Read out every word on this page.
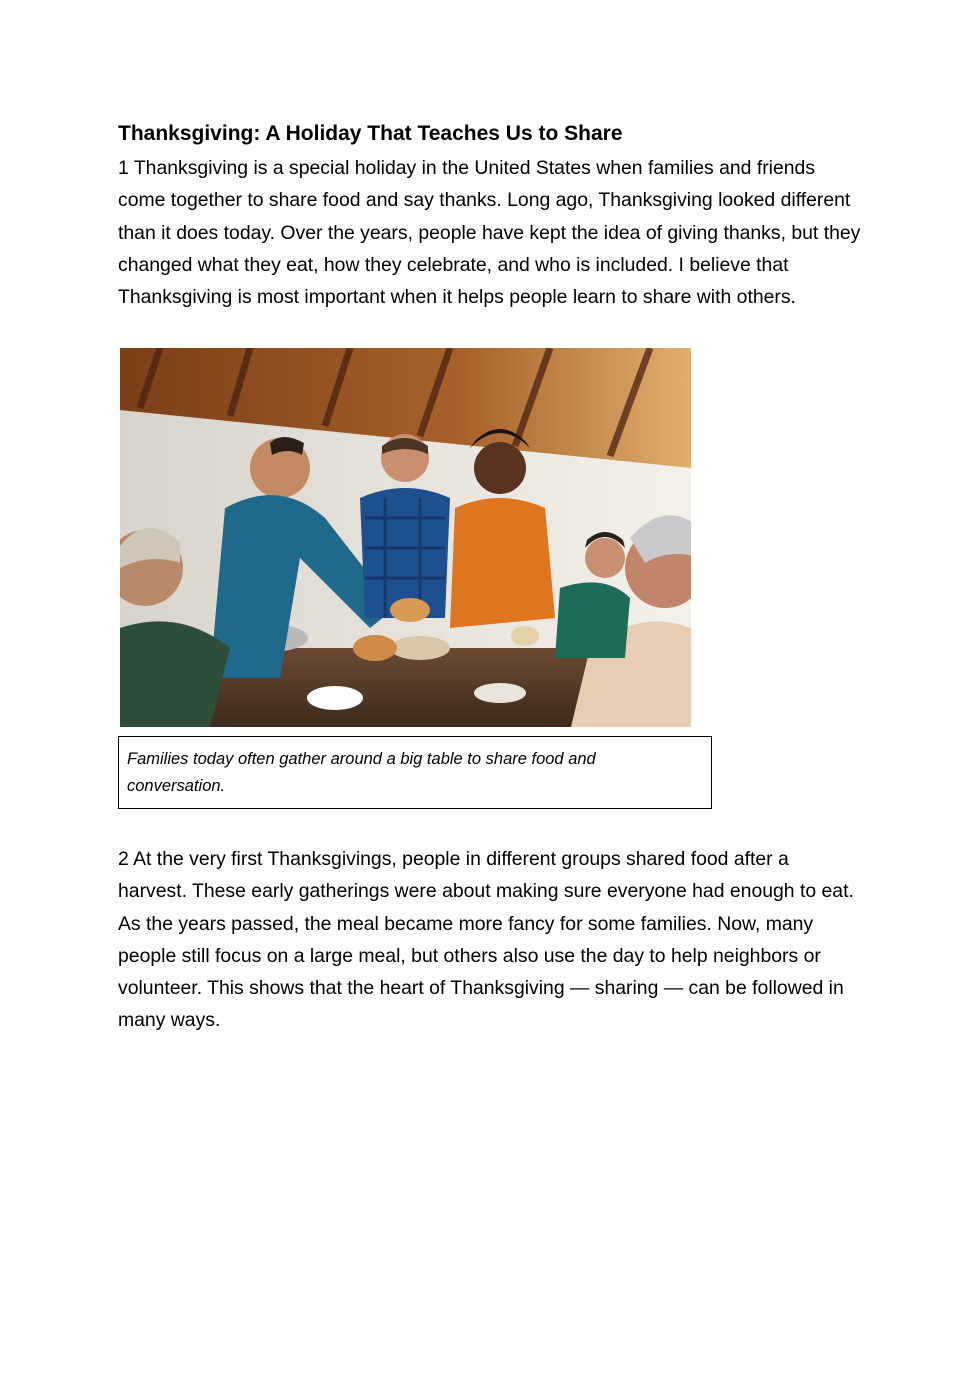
Thanksgiving: A Holiday That Teaches Us to Share

1 Thanksgiving is a special holiday in the United States when families and friends come together to share food and say thanks. Long ago, Thanksgiving looked different than it does today. Over the years, people have kept the idea of giving thanks, but they changed what they eat, how they celebrate, and who is included. I believe that Thanksgiving is most important when it helps people learn to share with others.

Families today often gather around a big table to share food and conversation.

2 At the very first Thanksgivings, people in different groups shared food after a harvest. These early gatherings were about making sure everyone had enough to eat. As the years passed, the meal became more fancy for some families. Now, many people still focus on a large meal, but others also use the day to help neighbors or volunteer. This shows that the heart of Thanksgiving — sharing — can be followed in many ways.
